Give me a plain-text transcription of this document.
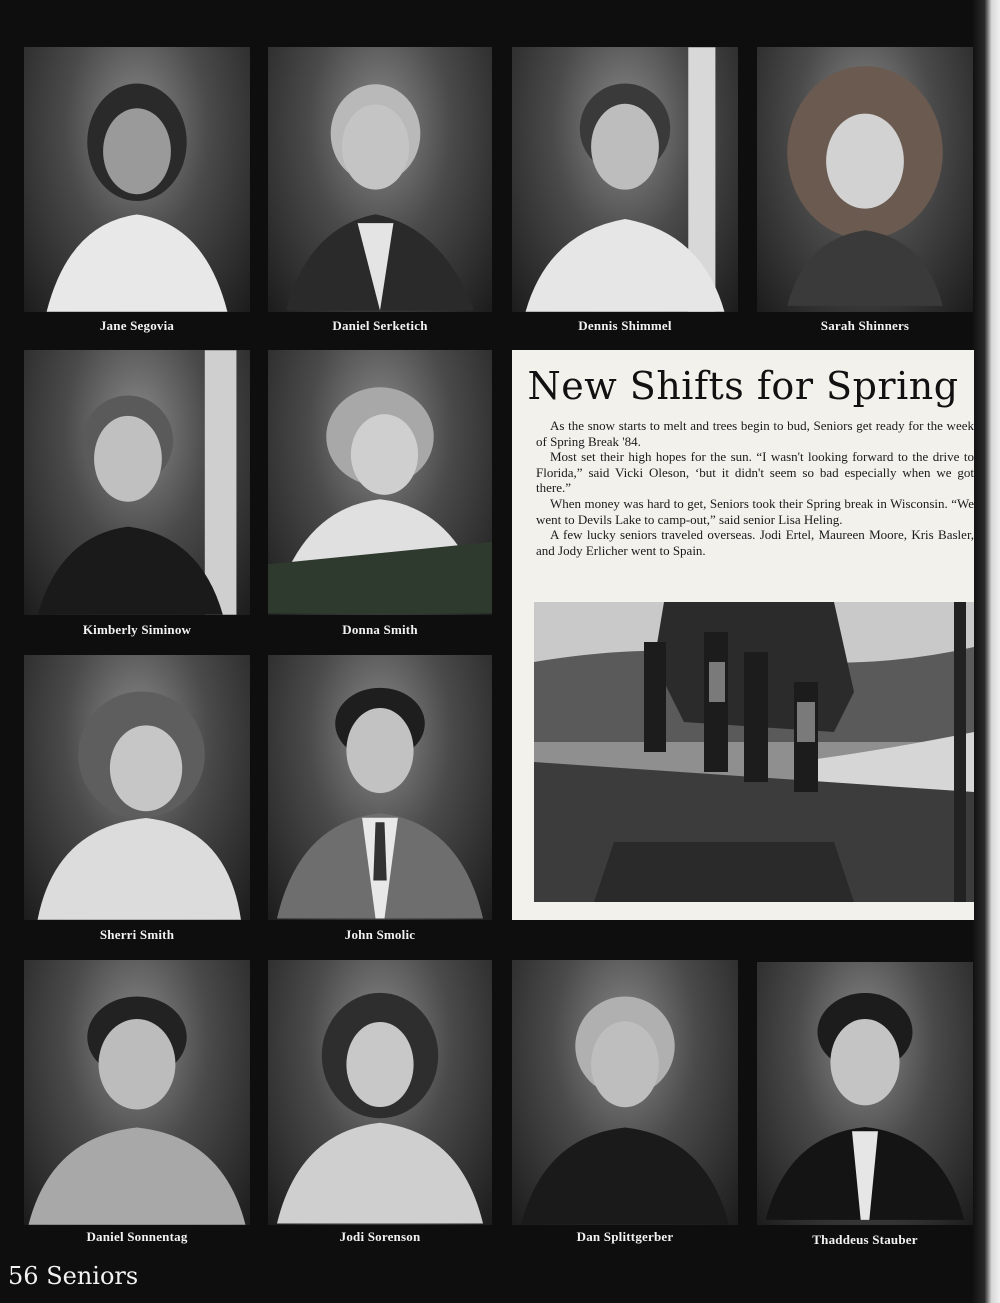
Jane Segovia	Daniel Serketich	Dennis Shimmel	Sarah Shinners
Kimberly Siminow	Donna Smith
Sherri Smith	John Smolic
Daniel Sonnentag	Jodi Sorenson	Dan Splittgerber	Thaddeus Stauber
New Shifts for Spring

As the snow starts to melt and trees begin to bud, Seniors get ready for the week of Spring Break '84.

Most set their high hopes for the sun. “I wasn't looking forward to the drive to Florida,” said Vicki Oleson, ‘but it didn't seem so bad especially when we got there.”

When money was hard to get, Seniors took their Spring break in Wisconsin. “We went to Devils Lake to camp-out,” said senior Lisa Heling.

A few lucky seniors traveled overseas. Jodi Ertel, Maureen Moore, Kris Basler, and Jody Erlicher went to Spain.

56 Seniors
